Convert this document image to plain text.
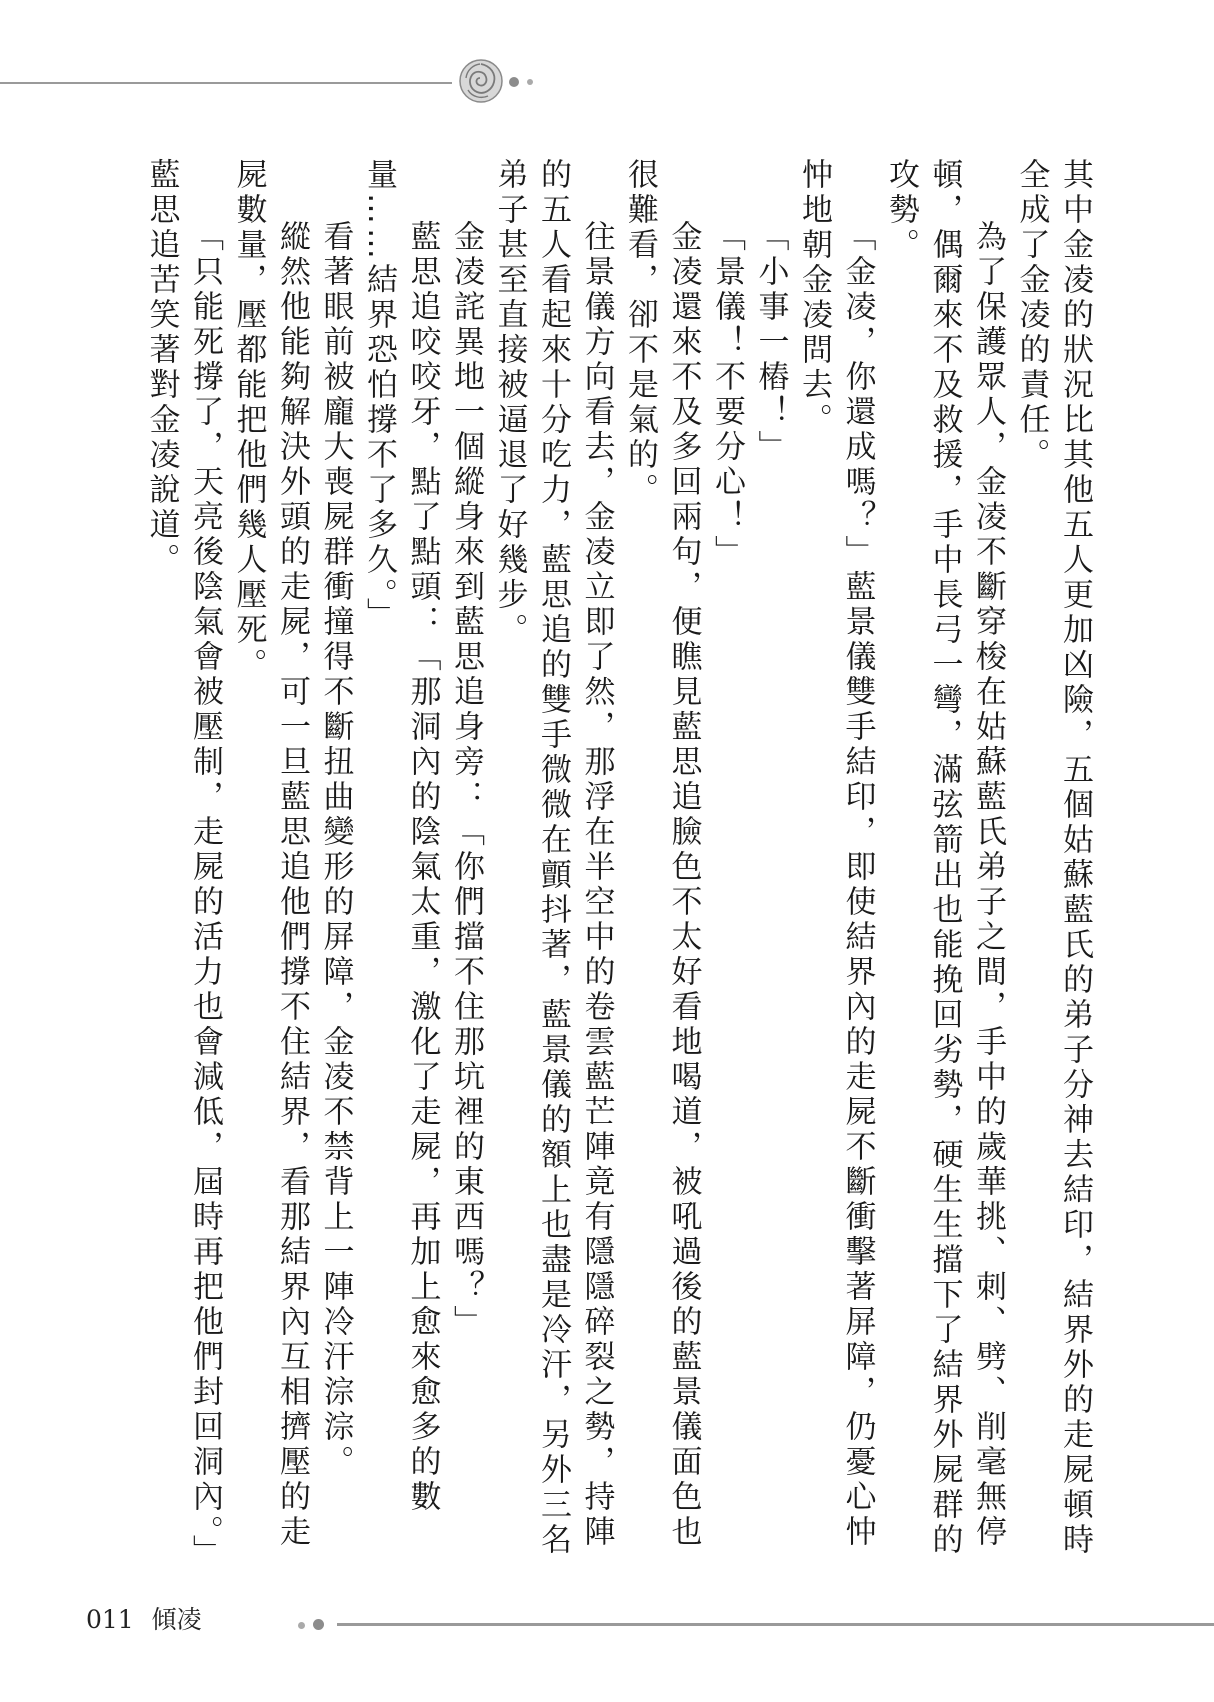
其中金凌的狀況比其他五人更加凶險，五個姑蘇藍氏的弟子分神去結印，結界外的走屍頓時全成了金凌的責任。

為了保護眾人，金凌不斷穿梭在姑蘇藍氏弟子之間，手中的歲華挑、刺、劈、削毫無停頓，偶爾來不及救援，手中長弓一彎，滿弦箭出也能挽回劣勢，硬生生擋下了結界外屍群的攻勢。

「金凌，你還成嗎？」藍景儀雙手結印，即使結界內的走屍不斷衝擊著屏障，仍憂心忡忡地朝金凌問去。

「小事一樁！」

「景儀！不要分心！」

金凌還來不及多回兩句，便瞧見藍思追臉色不太好看地喝道，被吼過後的藍景儀面色也很難看，卻不是氣的。

往景儀方向看去，金凌立即了然，那浮在半空中的卷雲藍芒陣竟有隱隱碎裂之勢，持陣的五人看起來十分吃力，藍思追的雙手微微在顫抖著，藍景儀的額上也盡是冷汗，另外三名弟子甚至直接被逼退了好幾步。

金凌詫異地一個縱身來到藍思追身旁：「你們擋不住那坑裡的東西嗎？」

藍思追咬咬牙，點了點頭：「那洞內的陰氣太重，激化了走屍，再加上愈來愈多的數量……結界恐怕撐不了多久。」

看著眼前被龐大喪屍群衝撞得不斷扭曲變形的屏障，金凌不禁背上一陣冷汗淙淙。

縱然他能夠解決外頭的走屍，可一旦藍思追他們撐不住結界，看那結界內互相擠壓的走屍數量，壓都能把他們幾人壓死。

「只能死撐了，天亮後陰氣會被壓制，走屍的活力也會減低，屆時再把他們封回洞內。」藍思追苦笑著對金凌說道。

011 傾凌
